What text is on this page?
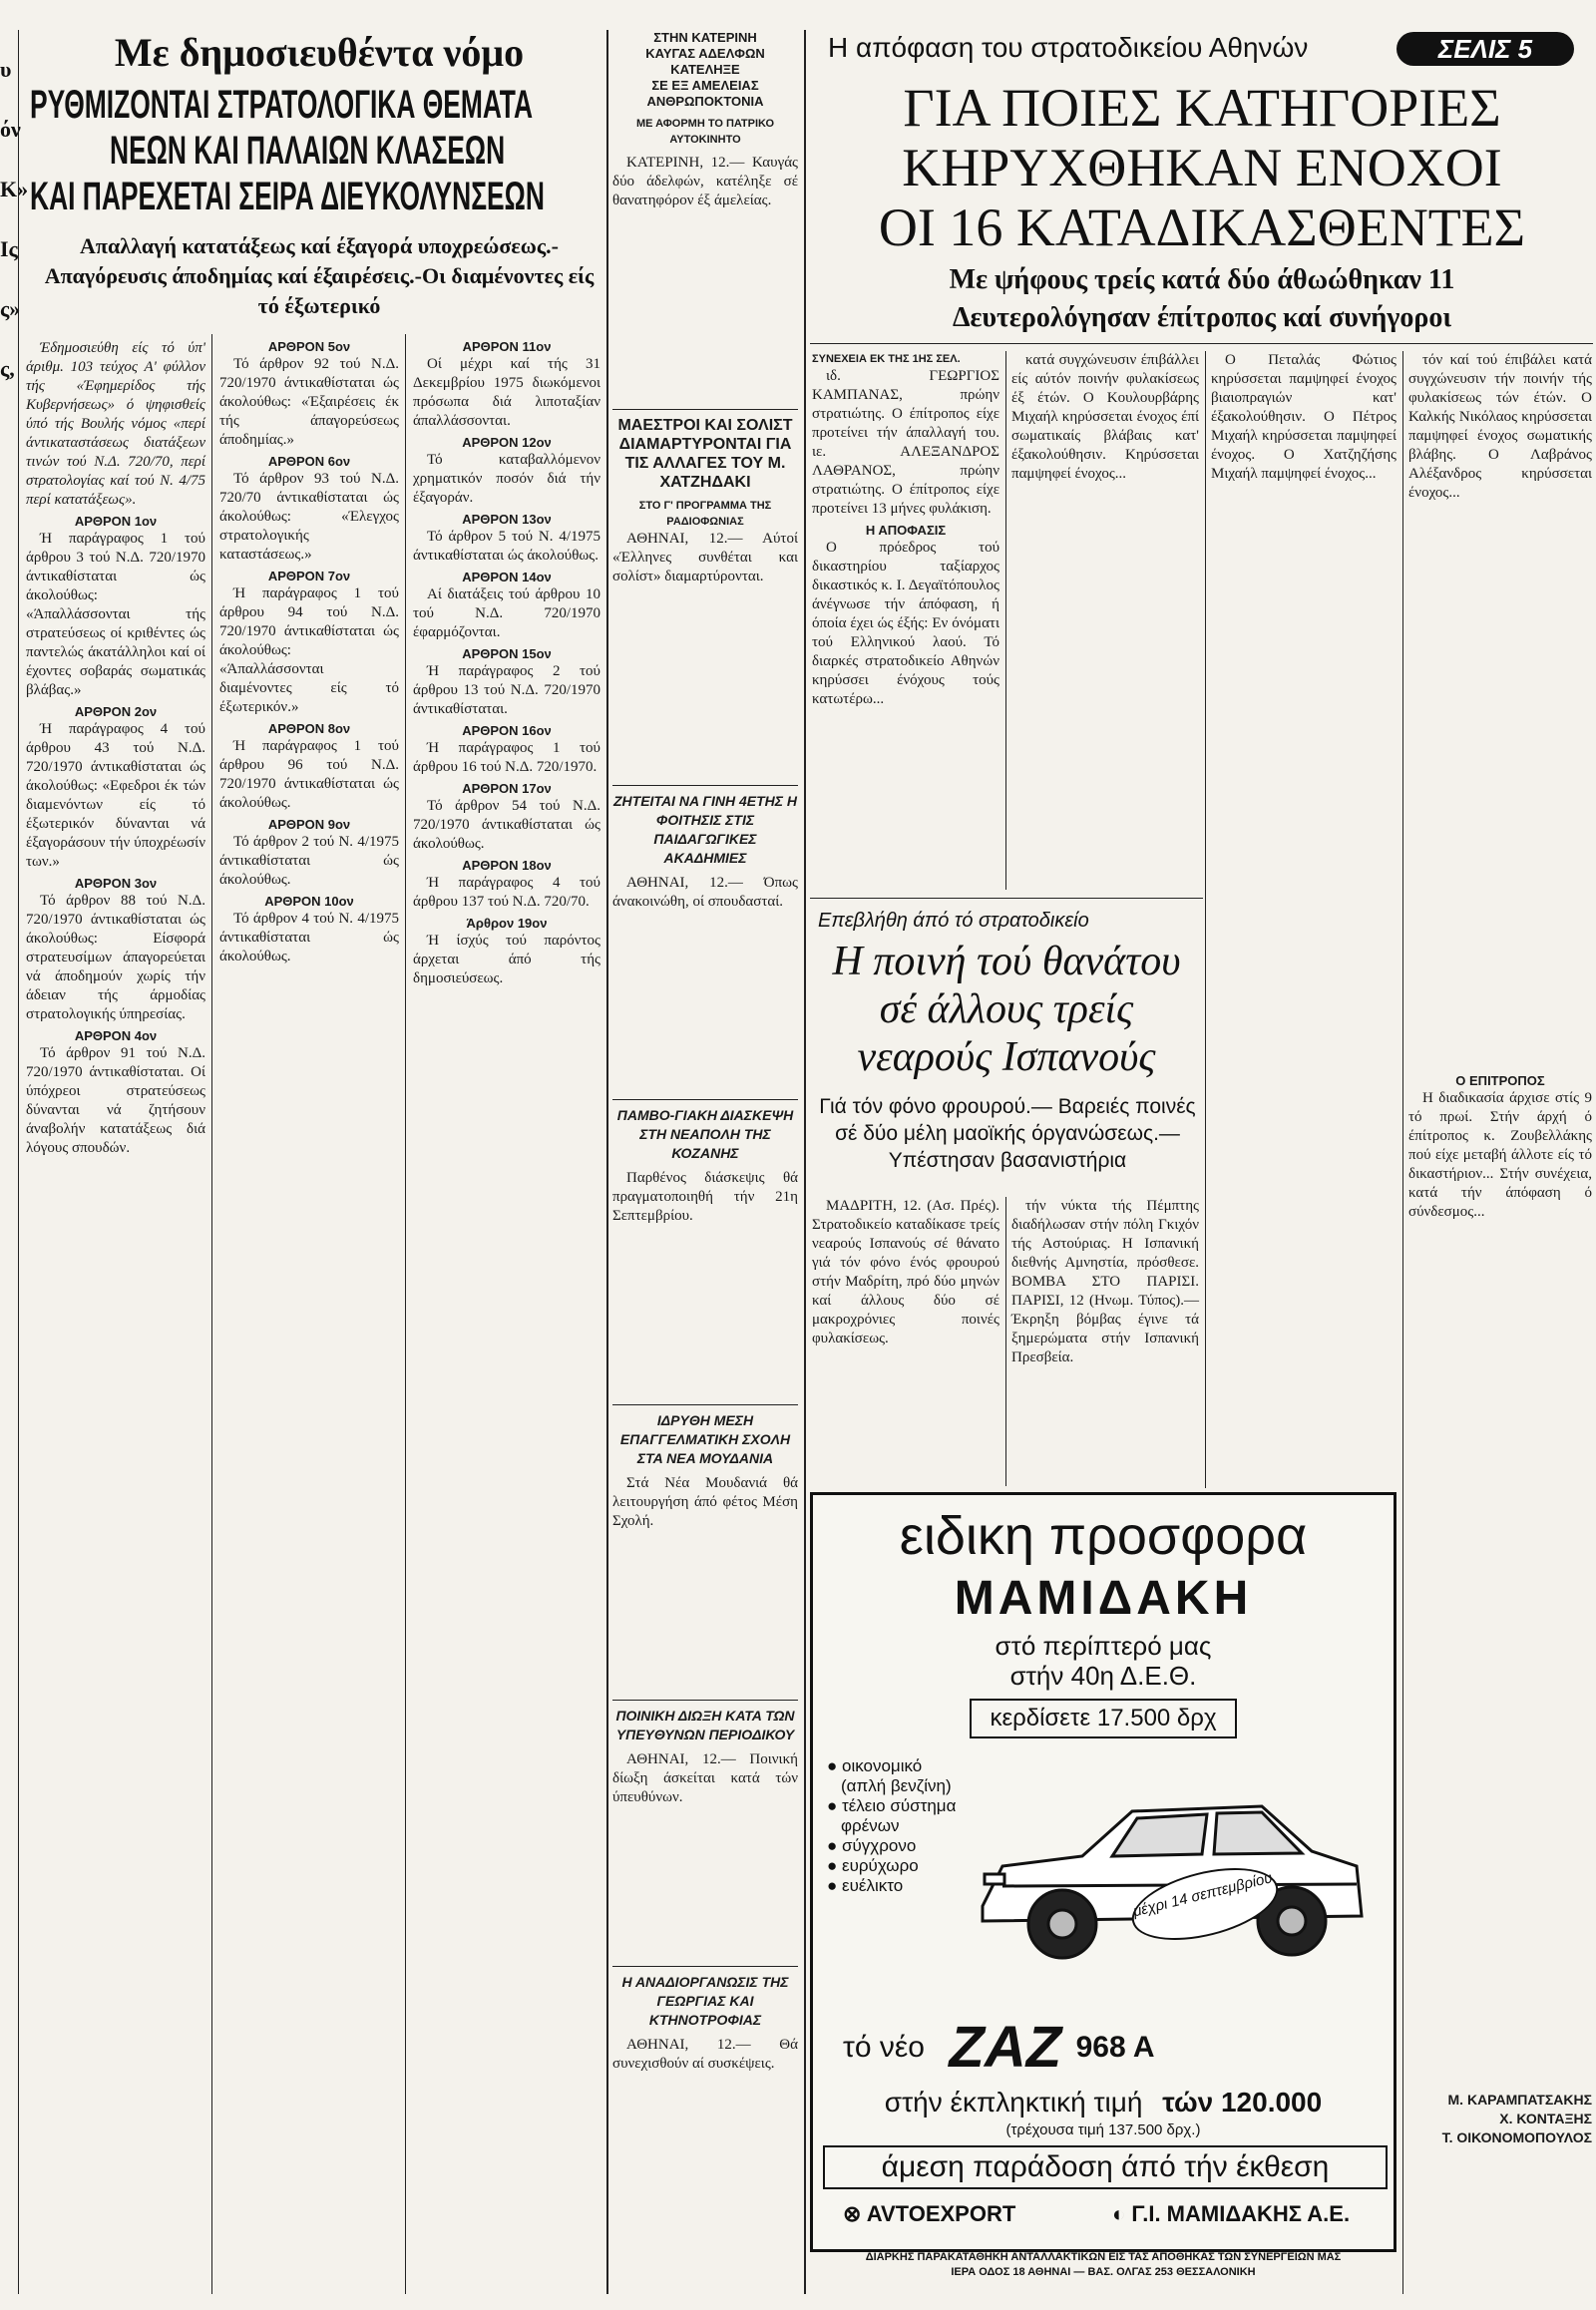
υ
όν
Κ»
Ις
ς»
ς,
Με δημοσιευθέντα νόμο
ΡΥΘΜΙΖΟΝΤΑΙ ΣΤΡΑΤΟΛΟΓΙΚΑ ΘΕΜΑΤΑ
ΝΕΩΝ ΚΑΙ ΠΑΛΑΙΩΝ ΚΛΑΣΕΩΝ
ΚΑΙ ΠΑΡΕΧΕΤΑΙ ΣΕΙΡΑ ΔΙΕΥΚΟΛΥΝΣΕΩΝ
Απαλλαγή κατατάξεως καί έξαγορά υποχρεώσεως.-Απαγόρευσις άποδημίας καί έξαιρέσεις.-Οι διαμένοντες είς τό έξωτερικό

Έδημοσιεύθη είς τό ύπ' άριθμ. 103 τεύχος Α' φύλλον τής «Έφημερίδος τής Κυβερνήσεως» ό ψηφισθείς ύπό τής Βουλής νόμος «περί άντικαταστάσεως διατάξεων τινών τού Ν.Δ. 720/70, περί στρατολογίας καί τού Ν. 4/75 περί κατατάξεως».

ΑΡΘΡΟΝ 1ον

Ή παράγραφος 1 τού άρθρου 3 τού Ν.Δ. 720/1970 άντικαθίσταται ώς άκολούθως: «Άπαλλάσσονται τής στρατεύσεως οί κριθέντες ώς παντελώς άκατάλληλοι καί οί έχοντες σοβαράς σωματικάς βλάβας.»

ΑΡΘΡΟΝ 2ον

Ή παράγραφος 4 τού άρθρου 43 τού Ν.Δ. 720/1970 άντικαθίσταται ώς άκολούθως: «Εφεδροι έκ τών διαμενόντων είς τό έξωτερικόν δύνανται νά έξαγοράσουν τήν ύποχρέωσίν των.»

ΑΡΘΡΟΝ 3ον

Τό άρθρον 88 τού Ν.Δ. 720/1970 άντικαθίσταται ώς άκολούθως: Είσφορά στρατευσίμων άπαγορεύεται νά άποδημούν χωρίς τήν άδειαν τής άρμοδίας στρατολογικής ύπηρεσίας.

ΑΡΘΡΟΝ 4ον

Τό άρθρον 91 τού Ν.Δ. 720/1970 άντικαθίσταται. Οί ύπόχρεοι στρατεύσεως δύνανται νά ζητήσουν άναβολήν κατατάξεως διά λόγους σπουδών.

ΑΡΘΡΟΝ 5ον

Τό άρθρον 92 τού Ν.Δ. 720/1970 άντικαθίσταται ώς άκολούθως: «Έξαιρέσεις έκ τής άπαγορεύσεως άποδημίας.»

ΑΡΘΡΟΝ 6ον

Τό άρθρον 93 τού Ν.Δ. 720/70 άντικαθίσταται ώς άκολούθως: «Έλεγχος στρατολογικής καταστάσεως.»

ΑΡΘΡΟΝ 7ον

Ή παράγραφος 1 τού άρθρου 94 τού Ν.Δ. 720/1970 άντικαθίσταται ώς άκολούθως: «Άπαλλάσσονται διαμένοντες είς τό έξωτερικόν.»

ΑΡΘΡΟΝ 8ον

Ή παράγραφος 1 τού άρθρου 96 τού Ν.Δ. 720/1970 άντικαθίσταται ώς άκολούθως.

ΑΡΘΡΟΝ 9ον

Τό άρθρον 2 τού Ν. 4/1975 άντικαθίσταται ώς άκολούθως.

ΑΡΘΡΟΝ 10ον

Τό άρθρον 4 τού Ν. 4/1975 άντικαθίσταται ώς άκολούθως.

ΑΡΘΡΟΝ 11ον

Οί μέχρι καί τής 31 Δεκεμβρίου 1975 διωκόμενοι πρόσωπα διά λιποταξίαν άπαλλάσσονται.

ΑΡΘΡΟΝ 12ον

Τό καταβαλλόμενον χρηματικόν ποσόν διά τήν έξαγοράν.

ΑΡΘΡΟΝ 13ον

Τό άρθρον 5 τού Ν. 4/1975 άντικαθίσταται ώς άκολούθως.

ΑΡΘΡΟΝ 14ον

Αί διατάξεις τού άρθρου 10 τού Ν.Δ. 720/1970 έφαρμόζονται.

ΑΡΘΡΟΝ 15ον

Ή παράγραφος 2 τού άρθρου 13 τού Ν.Δ. 720/1970 άντικαθίσταται.

ΑΡΘΡΟΝ 16ον

Ή παράγραφος 1 τού άρθρου 16 τού Ν.Δ. 720/1970.

ΑΡΘΡΟΝ 17ον

Τό άρθρον 54 τού Ν.Δ. 720/1970 άντικαθίσταται ώς άκολούθως.

ΑΡΘΡΟΝ 18ον

Ή παράγραφος 4 τού άρθρου 137 τού Ν.Δ. 720/70.

Άρθρον 19ον

Ή ίσχύς τού παρόντος άρχεται άπό τής δημοσιεύσεως.

ΣΤΗΝ ΚΑΤΕΡΙΝΗ
ΚΑΥΓΑΣ ΑΔΕΛΦΩΝ
ΚΑΤΕΛΗΞΕ
ΣΕ ΕΞ ΑΜΕΛΕΙΑΣ
ΑΝΘΡΩΠΟΚΤΟΝΙΑ
ΜΕ ΑΦΟΡΜΗ ΤΟ ΠΑΤΡΙΚΟ ΑΥΤΟΚΙΝΗΤΟ

ΚΑΤΕΡΙΝΗ, 12.— Καυγάς δύο άδελφών, κατέληξε σέ θανατηφόρον έξ άμελείας.

ΜΑΕΣΤΡΟΙ ΚΑΙ ΣΟΛΙΣΤ ΔΙΑΜΑΡΤΥΡΟΝΤΑΙ ΓΙΑ ΤΙΣ ΑΛΛΑΓΕΣ ΤΟΥ Μ. ΧΑΤΖΗΔΑΚΙ
ΣΤΟ Γ' ΠΡΟΓΡΑΜΜΑ ΤΗΣ ΡΑΔΙΟΦΩΝΙΑΣ

ΑΘΗΝΑΙ, 12.— Αύτοί «Έλληνες συνθέται και σολίστ» διαμαρτύρονται.

ΖΗΤΕΙΤΑΙ ΝΑ ΓΙΝΗ 4ΕΤΗΣ Η ΦΟΙΤΗΣΙΣ ΣΤΙΣ ΠΑΙΔΑΓΩΓΙΚΕΣ ΑΚΑΔΗΜΙΕΣ

ΑΘΗΝΑΙ, 12.— Όπως άνακοινώθη, οί σπουδασταί.

ΠΑΜΒΟ-ΓΙΑΚΗ ΔΙΑΣΚΕΨΗ ΣΤΗ ΝΕΑΠΟΛΗ ΤΗΣ ΚΟΖΑΝΗΣ

Παρθένος διάσκεψις θά πραγματοποιηθή τήν 21η Σεπτεμβρίου.

ΙΔΡΥΘΗ ΜΕΣΗ ΕΠΑΓΓΕΛΜΑΤΙΚΗ ΣΧΟΛΗ ΣΤΑ ΝΕΑ ΜΟΥΔΑΝΙΑ

Στά Νέα Μουδανιά θά λειτουργήση άπό φέτος Μέση Σχολή.

ΠΟΙΝΙΚΗ ΔΙΩΞΗ ΚΑΤΑ ΤΩΝ ΥΠΕΥΘΥΝΩΝ ΠΕΡΙΟΔΙΚΟΥ

ΑΘΗΝΑΙ, 12.— Ποινική δίωξη άσκείται κατά τών ύπευθύνων.

Η ΑΝΑΔΙΟΡΓΑΝΩΣΙΣ ΤΗΣ ΓΕΩΡΓΙΑΣ ΚΑΙ ΚΤΗΝΟΤΡΟΦΙΑΣ

ΑΘΗΝΑΙ, 12.— Θά συνεχισθούν αί συσκέψεις.

Η απόφαση του στρατοδικείου Αθηνών	ΣΕΛΙΣ 5
ΓΙΑ ΠΟΙΕΣ ΚΑΤΗΓΟΡΙΕΣ
ΚΗΡΥΧΘΗΚΑΝ ΕΝΟΧΟΙ
ΟΙ 16 ΚΑΤΑΔΙΚΑΣΘΕΝΤΕΣ
Με ψήφους τρείς κατά δύο άθωώθηκαν 11
Δευτερολόγησαν έπίτροπος καί συνήγοροι
ΣΥΝΕΧΕΙΑ ΕΚ ΤΗΣ 1ΗΣ ΣΕΛ.

ιδ. ΓΕΩΡΓΙΟΣ ΚΑΜΠΑΝΑΣ, πρώην στρατιώτης. Ο έπίτροπος είχε προτείνει τήν άπαλλαγή του. ιε. ΑΛΕΞΑΝΔΡΟΣ ΛΑΘΡΑΝΟΣ, πρώην στρατιώτης. Ο έπίτροπος είχε προτείνει 13 μήνες φυλάκιση.

Η ΑΠΟΦΑΣΙΣ

Ο πρόεδρος τού δικαστηρίου ταξίαρχος δικαστικός κ. Ι. Δεγαϊτόπουλος άνέγνωσε τήν άπόφαση, ή όποία έχει ώς έξής: Εν όνόματι τού Ελληνικού λαού. Τό διαρκές στρατοδικείο Αθηνών κηρύσσει ένόχους τούς κατωτέρω...

κατά συγχώνευσιν έπιβάλλει είς αύτόν ποινήν φυλακίσεως έξ έτών. Ο Κουλουρβάρης Μιχαήλ κηρύσσεται ένοχος έπί σωματικαίς βλάβαις κατ' έξακολούθησιν. Κηρύσσεται παμψηφεί ένοχος...

Ο Πεταλάς Φώτιος κηρύσσεται παμψηφεί ένοχος βιαιοπραγιών κατ' έξακολούθησιν. Ο Πέτρος Μιχαήλ κηρύσσεται παμψηφεί ένοχος. Ο Χατζηζήσης Μιχαήλ παμψηφεί ένοχος...

τόν καί τού έπιβάλει κατά συγχώνευσιν τήν ποινήν τής φυλακίσεως τών έτών. Ο Καλκής Νικόλαος κηρύσσεται παμψηφεί ένοχος σωματικής βλάβης. Ο Λαβράνος Αλέξανδρος κηρύσσεται ένοχος...

Ο ΕΠΙΤΡΟΠΟΣ

Η διαδικασία άρχισε στίς 9 τό πρωί. Στήν άρχή ό έπίτροπος κ. Ζουβελλάκης πού είχε μεταβή άλλοτε είς τό δικαστήριον... Στήν συνέχεια, κατά τήν άπόφαση ό σύνδεσμος...

Μ. ΚΑΡΑΜΠΑΤΣΑΚΗΣ
Χ. ΚΟΝΤΑΞΗΣ
Τ. ΟΙΚΟΝΟΜΟΠΟΥΛΟΣ
Επεβλήθη άπό τό στρατοδικείο
Η ποινή τού θανάτου
σέ άλλους τρείς
νεαρούς Ισπανούς
Γιά τόν φόνο φρουρού.— Βαρειές ποινές σέ δύο μέλη μαοϊκής όργανώσεως.—Υπέστησαν βασανιστήρια

ΜΑΔΡΙΤΗ, 12. (Ασ. Πρές). Στρατοδικείο καταδίκασε τρείς νεαρούς Ισπανούς σέ θάνατο γιά τόν φόνο ένός φρουρού στήν Μαδρίτη, πρό δύο μηνών καί άλλους δύο σέ μακροχρόνιες ποινές φυλακίσεως.

τήν νύκτα τής Πέμπτης διαδήλωσαν στήν πόλη Γκιχόν τής Αστούριας. Η Ισπανική διεθνής Αμνηστία, πρόσθεσε. ΒΟΜΒΑ ΣΤΟ ΠΑΡΙΣΙ. ΠΑΡΙΣΙ, 12 (Ηνωμ. Τύπος).— Έκρηξη βόμβας έγινε τά ξημερώματα στήν Ισπανική Πρεσβεία.

ειδικη προσφορα
ΜΑΜΙΔΑΚΗ
στό περίπτερό μας
στήν 40η Δ.Ε.Θ.
κερδίσετε 17.500 δρχ
● οικονομικό
(απλή βενζίνη)
● τέλειο σύστημα
φρένων
● σύγχρονο
● ευρύχωρο
● ευέλικτο	μέχρι 14 σεπτεμβρίου
τό νέο ZAZ 968 A
στήν έκπληκτική τιμή τών 120.000
(τρέχουσα τιμή 137.500 δρχ.)
άμεση παράδοση άπό τήν έκθεση
⊗ AVTOEXPORT	◐ Γ.Ι. ΜΑΜΙΔΑΚΗΣ Α.Ε.
ΔΙΑΡΚΗΣ ΠΑΡΑΚΑΤΑΘΗΚΗ ΑΝΤΑΛΛΑΚΤΙΚΩΝ ΕΙΣ ΤΑΣ ΑΠΟΘΗΚΑΣ ΤΩΝ ΣΥΝΕΡΓΕΙΩΝ ΜΑΣ
ΙΕΡΑ ΟΔΟΣ 18 ΑΘΗΝΑΙ — ΒΑΣ. ΟΛΓΑΣ 253 ΘΕΣΣΑΛΟΝΙΚΗ
